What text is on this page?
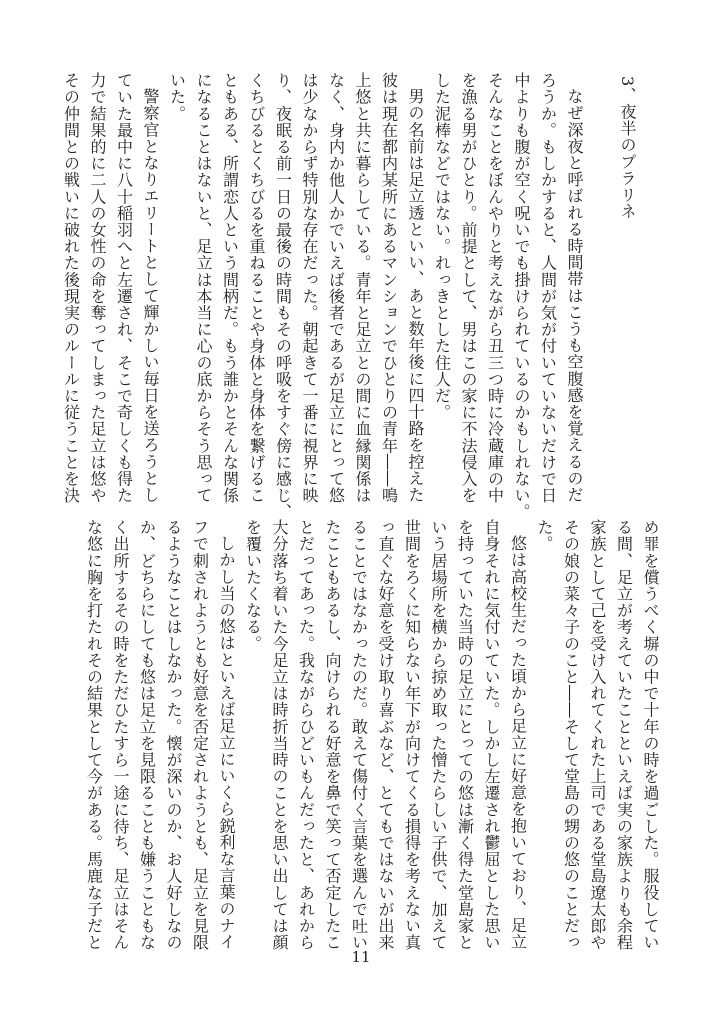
3、夜半のプラリネ
なぜ深夜と呼ばれる時間帯はこうも空腹感を覚えるのだ
ろうか。もしかすると、人間が気が付いていないだけで日
中よりも腹が空く呪いでも掛けられているのかもしれない。
そんなことをぼんやりと考えながら丑三つ時に冷蔵庫の中
を漁る男がひとり。前提として、男はこの家に不法侵入を
した泥棒などではない。れっきとした住人だ。
男の名前は足立透といい、あと数年後に四十路を控えた
彼は現在都内某所にあるマンションでひとりの青年――鳴
上悠と共に暮らしている。青年と足立との間に血縁関係は
なく、身内か他人かでいえば後者であるが足立にとって悠
は少なからず特別な存在だった。朝起きて一番に視界に映
り、夜眠る前一日の最後の時間もその呼吸をすぐ傍に感じ、
くちびるとくちびるを重ねることや身体と身体を繋げるこ
ともある、所謂恋人という間柄だ。もう誰かとそんな関係
になることはないと、足立は本当に心の底からそう思って
いた。
警察官となりエリートとして輝かしい毎日を送ろうとし
ていた最中に八十稲羽へと左遷され、そこで奇しくも得た
力で結果的に二人の女性の命を奪ってしまった足立は悠や
その仲間との戦いに破れた後現実のルールに従うことを決
め罪を償うべく塀の中で十年の時を過ごした。服役してい
る間、足立が考えていたことといえば実の家族よりも余程
家族として己を受け入れてくれた上司である堂島遼太郎や
その娘の菜々子のこと――そして堂島の甥の悠のことだっ
た。
悠は高校生だった頃から足立に好意を抱いており、足立
自身それに気付いていた。しかし左遷され鬱屈とした思い
を持っていた当時の足立にとっての悠は漸く得た堂島家と
いう居場所を横から掠め取った憎たらしい子供で、加えて
世間をろくに知らない年下が向けてくる損得を考えない真
っ直ぐな好意を受け取り喜ぶなど、とてもではないが出来
ることではなかったのだ。敢えて傷付く言葉を選んで吐い
たこともあるし、向けられる好意を鼻で笑って否定したこ
とだってあった。我ながらひどいもんだったと、あれから
大分落ち着いた今足立は時折当時のことを思い出しては顔
を覆いたくなる。
しかし当の悠はといえば足立にいくら鋭利な言葉のナイ
フで刺されようとも好意を否定されようとも、足立を見限
るようなことはしなかった。懐が深いのか、お人好しなの
か、どちらにしても悠は足立を見限ることも嫌うこともな
く出所するその時をただひたすら一途に待ち、足立はそん
な悠に胸を打たれその結果として今がある。馬鹿な子だと
11
